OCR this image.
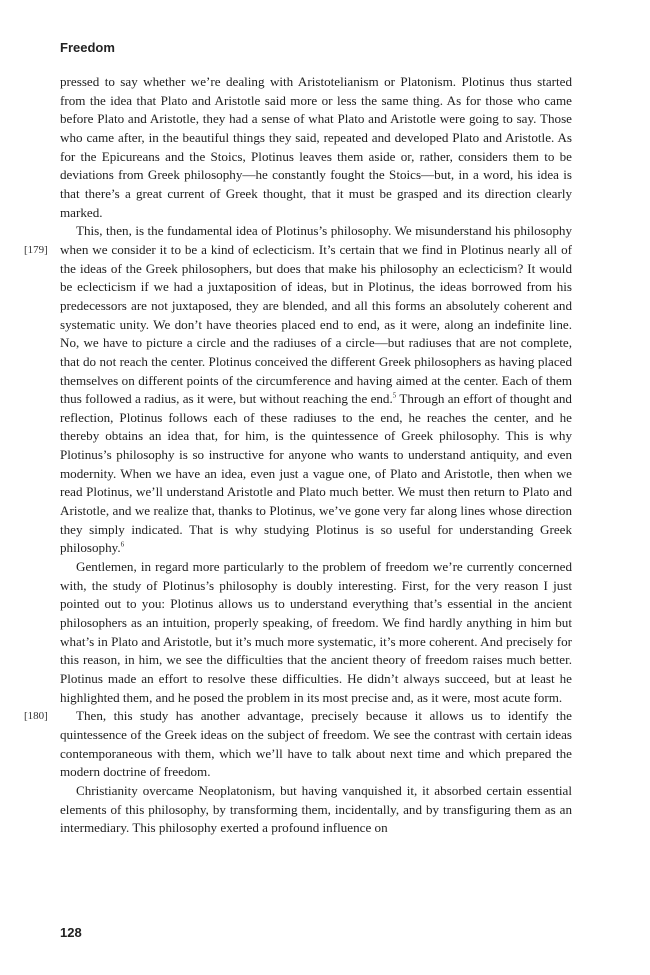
Freedom

pressed to say whether we’re dealing with Aristotelianism or Platonism. Plotinus thus started from the idea that Plato and Aristotle said more or less the same thing. As for those who came before Plato and Aristotle, they had a sense of what Plato and Aristotle were going to say. Those who came after, in the beautiful things they said, repeated and developed Plato and Aristotle. As for the Epicureans and the Stoics, Plotinus leaves them aside or, rather, considers them to be deviations from Greek philosophy—he constantly fought the Stoics—but, in a word, his idea is that there’s a great current of Greek thought, that it must be grasped and its direction clearly marked.

[179]
This, then, is the fundamental idea of Plotinus’s philosophy. We misunderstand his philosophy when we consider it to be a kind of eclecticism. It’s certain that we find in Plotinus nearly all of the ideas of the Greek philosophers, but does that make his philosophy an eclecticism? It would be eclecticism if we had a juxtaposition of ideas, but in Plotinus, the ideas borrowed from his predecessors are not juxtaposed, they are blended, and all this forms an absolutely coherent and systematic unity. We don’t have theories placed end to end, as it were, along an indefinite line. No, we have to picture a circle and the radiuses of a circle—but radiuses that are not complete, that do not reach the center. Plotinus conceived the different Greek philosophers as having placed themselves on different points of the circumference and having aimed at the center. Each of them thus followed a radius, as it were, but without reaching the end.$^5$ Through an effort of thought and reflection, Plotinus follows each of these radiuses to the end, he reaches the center, and he thereby obtains an idea that, for him, is the quintessence of Greek philosophy. This is why Plotinus’s philosophy is so instructive for anyone who wants to understand antiquity, and even modernity. When we have an idea, even just a vague one, of Plato and Aristotle, then when we read Plotinus, we’ll understand Aristotle and Plato much better. We must then return to Plato and Aristotle, and we realize that, thanks to Plotinus, we’ve gone very far along lines whose direction they simply indicated. That is why studying Plotinus is so useful for understanding Greek philosophy.$^6$

Gentlemen, in regard more particularly to the problem of freedom we’re currently concerned with, the study of Plotinus’s philosophy is doubly interesting. First, for the very reason I just pointed out to you: Plotinus allows us to understand everything that’s essential in the ancient philosophers as an intuition, properly speaking, of freedom. We find hardly anything in him but what’s in Plato and Aristotle, but it’s much more systematic, it’s more coherent. And precisely for this reason, in him, we see the difficulties that the ancient theory of freedom raises much better. Plotinus made an effort to resolve these difficulties. He didn’t always succeed, but at least he highlighted them, and he posed the problem in its most precise and, as it were, most acute form.

[180] Then, this study has another advantage, precisely because it allows us to identify the quintessence of the Greek ideas on the subject of freedom. We see the contrast with certain ideas contemporaneous with them, which we’ll have to talk about next time and which prepared the modern doctrine of freedom.

Christianity overcame Neoplatonism, but having vanquished it, it absorbed certain essential elements of this philosophy, by transforming them, incidentally, and by transfiguring them as an intermediary. This philosophy exerted a profound influence on

128
